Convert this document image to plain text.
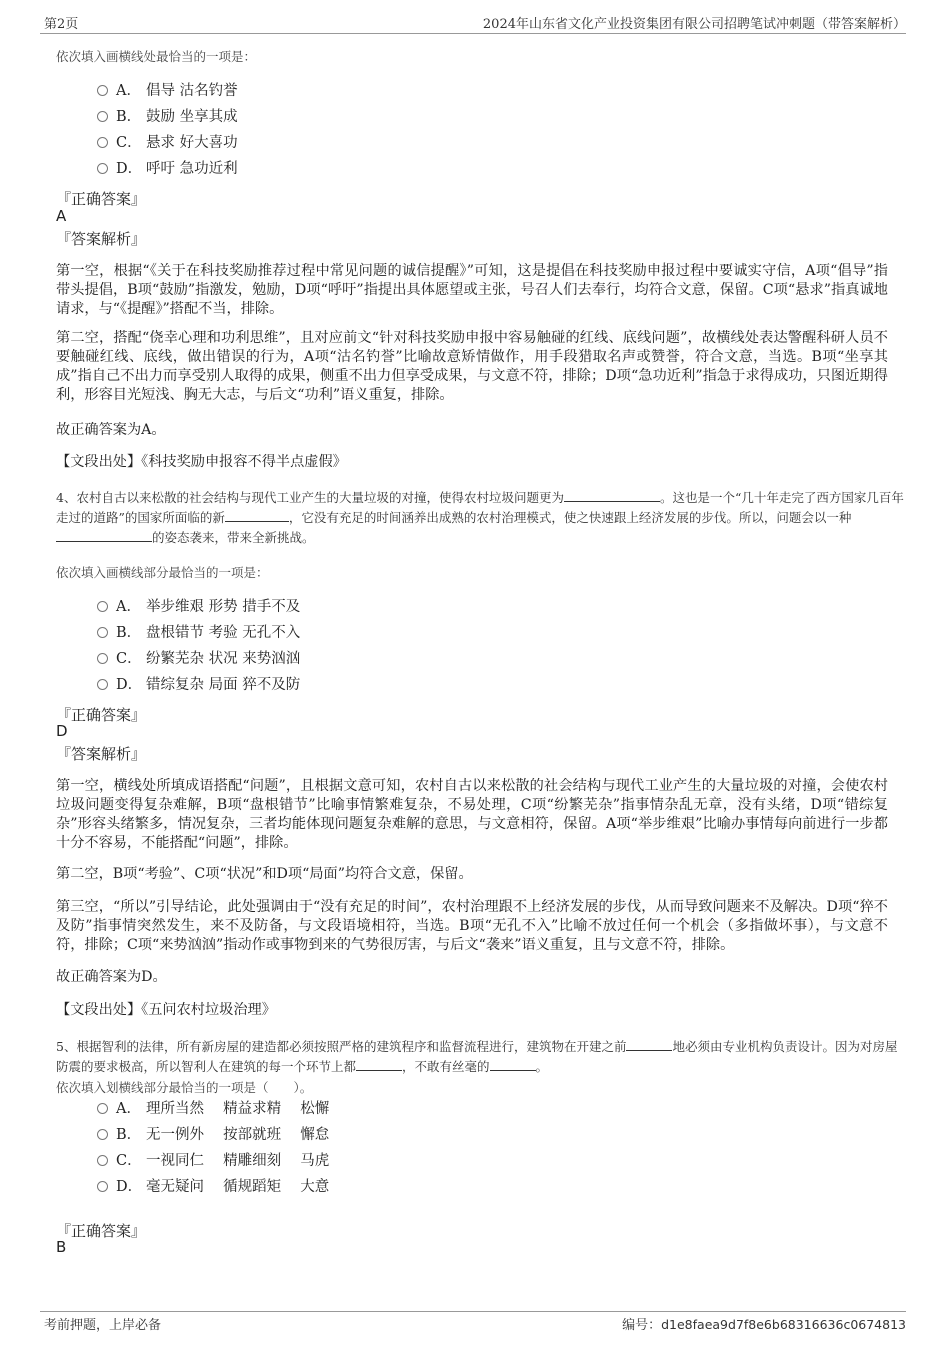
第2页	2024年山东省文化产业投资集团有限公司招聘笔试冲刺题（带答案解析）
依次填入画横线处最恰当的一项是：
A． 倡导 沽名钓誉
B． 鼓励 坐享其成
C． 悬求 好大喜功
D． 呼吁 急功近利
『正确答案』
A
『答案解析』
第一空，根据“《关于在科技奖励推荐过程中常见问题的诚信提醒》”可知，这是提倡在科技奖励申报过程中要诚实守信，A项“倡导”指带头提倡，B项“鼓励”指激发，勉励，D项“呼吁”指提出具体愿望或主张，号召人们去奉行，均符合文意，保留。C项“悬求”指真诚地请求，与“《提醒》”搭配不当，排除。
第二空，搭配“侥幸心理和功利思维”，且对应前文“针对科技奖励申报中容易触碰的红线、底线问题”，故横线处表达警醒科研人员不要触碰红线、底线，做出错误的行为，A项“沽名钓誉”比喻故意矫情做作，用手段猎取名声或赞誉，符合文意，当选。B项“坐享其成”指自己不出力而享受别人取得的成果，侧重不出力但享受成果，与文意不符，排除；D项“急功近利”指急于求得成功，只图近期得利，形容目光短浅、胸无大志，与后文“功利”语义重复，排除。
故正确答案为A。
【文段出处】《科技奖励申报容不得半点虚假》
4、农村自古以来松散的社会结构与现代工业产生的大量垃圾的对撞，使得农村垃圾问题更为	。这也是一个“几十年走完了西方国家几百年走过的道路”的国家所面临的新	，它没有充足的时间涵养出成熟的农村治理模式，使之快速跟上经济发展的步伐。所以，问题会以一种的姿态袭来，带来全新挑战。
依次填入画横线部分最恰当的一项是：
A． 举步维艰 形势 措手不及
B． 盘根错节 考验 无孔不入
C． 纷繁芜杂 状况 来势汹汹
D． 错综复杂 局面 猝不及防
『正确答案』
D
『答案解析』
第一空，横线处所填成语搭配“问题”，且根据文意可知，农村自古以来松散的社会结构与现代工业产生的大量垃圾的对撞，会使农村垃圾问题变得复杂难解，B项“盘根错节”比喻事情繁难复杂，不易处理，C项“纷繁芜杂”指事情杂乱无章，没有头绪，D项“错综复杂”形容头绪繁多，情况复杂，三者均能体现问题复杂难解的意思，与文意相符，保留。A项“举步维艰”比喻办事情每向前进行一步都十分不容易，不能搭配“问题”，排除。
第二空，B项“考验”、C项“状况”和D项“局面”均符合文意，保留。
第三空，“所以”引导结论，此处强调由于“没有充足的时间”，农村治理跟不上经济发展的步伐，从而导致问题来不及解决。D项“猝不及防”指事情突然发生，来不及防备，与文段语境相符，当选。B项“无孔不入”比喻不放过任何一个机会（多指做坏事），与文意不符，排除；C项“来势汹汹”指动作或事物到来的气势很厉害，与后文“袭来”语义重复，且与文意不符，排除。
故正确答案为D。
【文段出处】《五问农村垃圾治理》
5、根据智利的法律，所有新房屋的建造都必须按照严格的建筑程序和监督流程进行，建筑物在开建之前	地必须由专业机构负责设计。因为对房屋防震的要求极高，所以智利人在建筑的每一个环节上都	，不敢有丝毫的	。
依次填入划横线部分最恰当的一项是（　　）。
A． 理所当然　 精益求精　 松懈
B． 无一例外　 按部就班　 懈怠
C． 一视同仁　 精雕细刻　 马虎
D． 毫无疑问　 循规蹈矩　 大意
『正确答案』
B
考前押题，上岸必备	编号：d1e8faea9d7f8e6b68316636c0674813
